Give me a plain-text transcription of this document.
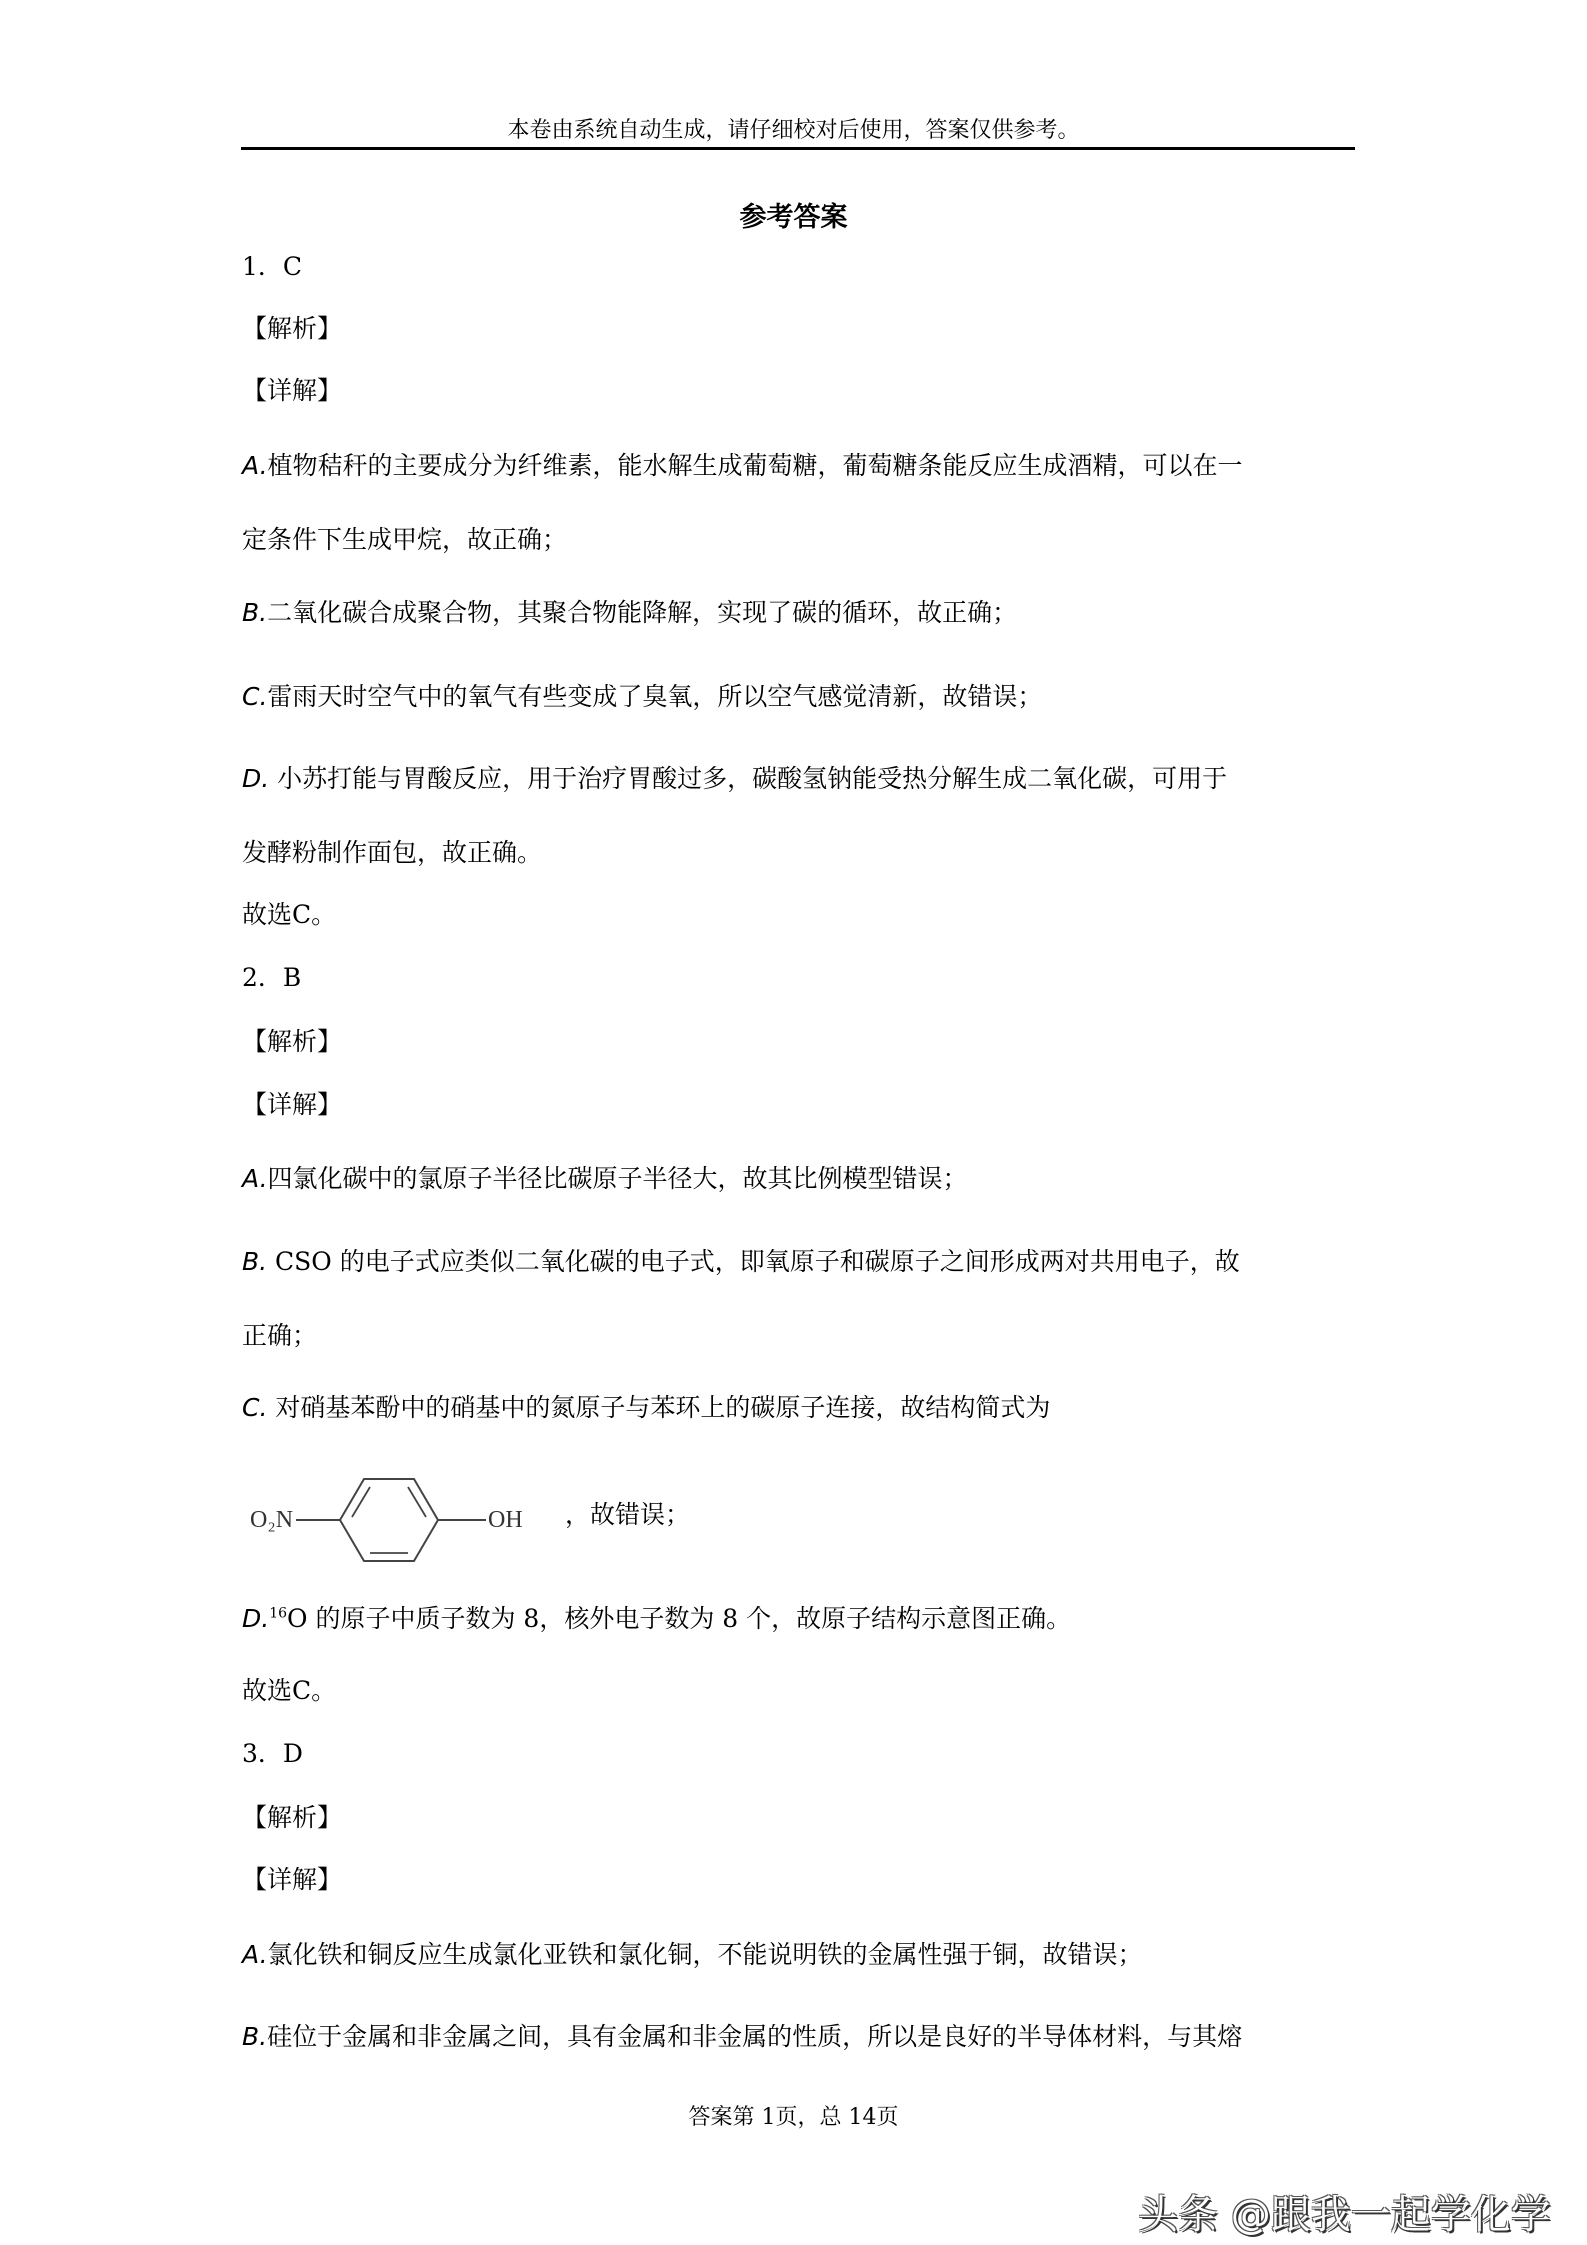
本卷由系统自动生成，请仔细校对后使用，答案仅供参考。
参考答案
1．C
【解析】
【详解】
A.植物秸秆的主要成分为纤维素，能水解生成葡萄糖，葡萄糖条能反应生成酒精，可以在一
定条件下生成甲烷，故正确；
B.二氧化碳合成聚合物，其聚合物能降解，实现了碳的循环，故正确；
C.雷雨天时空气中的氧气有些变成了臭氧，所以空气感觉清新，故错误；
D. 小苏打能与胃酸反应，用于治疗胃酸过多，碳酸氢钠能受热分解生成二氧化碳，可用于
发酵粉制作面包，故正确。
故选C。
2．B
【解析】
【详解】
A.四氯化碳中的氯原子半径比碳原子半径大，故其比例模型错误；
B. CSO 的电子式应类似二氧化碳的电子式，即氧原子和碳原子之间形成两对共用电子，故
正确；
C. 对硝基苯酚中的硝基中的氮原子与苯环上的碳原子连接，故结构简式为
O₂N	OH ，故错误；
D.$^{16}$O 的原子中质子数为 8，核外电子数为 8 个，故原子结构示意图正确。
故选C。
3．D
【解析】
【详解】
A.氯化铁和铜反应生成氯化亚铁和氯化铜，不能说明铁的金属性强于铜，故错误；
B.硅位于金属和非金属之间，具有金属和非金属的性质，所以是良好的半导体材料，与其熔
答案第 1页，总 14页
头条 @跟我一起学化学
